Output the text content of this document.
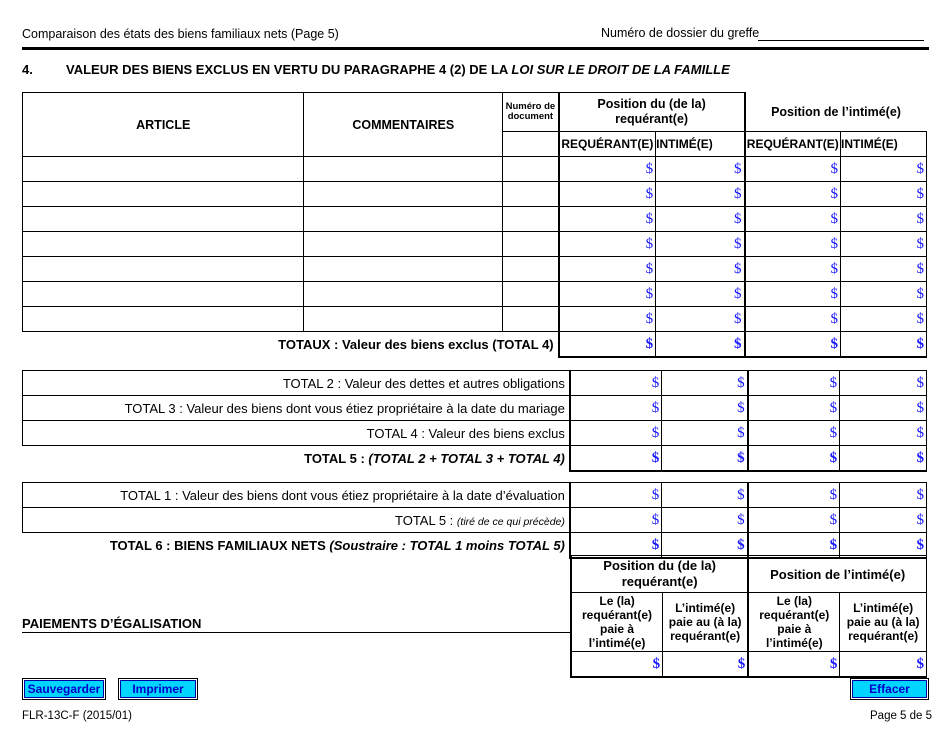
Comparaison des états des biens familiaux nets (Page 5)	Numéro de dossier du greffe
4.	VALEUR DES BIENS EXCLUS EN VERTU DU PARAGRAPHE 4 (2) DE LA LOI SUR LE DROIT DE LA FAMILLE
ARTICLE	COMMENTAIRES	Numéro de document	Position du (de la) requérant(e)		Position de l’intimé(e)	
			REQUÉRANT(E)	INTIMÉ(E)	REQUÉRANT(E)	INTIMÉ(E)
			$	$	$	$
			$	$	$	$
			$	$	$	$
			$	$	$	$
			$	$	$	$
			$	$	$	$
			$	$	$	$
TOTAUX : Valeur des biens exclus (TOTAL 4)			$	$	$	$
TOTAL 2 : Valeur des dettes et autres obligations	$	$	$	$
TOTAL 3 : Valeur des biens dont vous étiez propriétaire à la date du mariage	$	$	$	$
TOTAL 4 : Valeur des biens exclus	$	$	$	$
TOTAL 5 : (TOTAL 2 + TOTAL 3 + TOTAL 4)	$	$	$	$
TOTAL 1 : Valeur des biens dont vous étiez propriétaire à la date d’évaluation	$	$	$	$
TOTAL 5 : (tiré de ce qui précède)	$	$	$	$
TOTAL 6 : BIENS FAMILIAUX NETS (Soustraire : TOTAL 1 moins TOTAL 5)	$	$	$	$
PAIEMENTS D’ÉGALISATION
Position du (de la) requérant(e)		Position de l’intimé(e)	
Le (la) requérant(e) paie à l’intimé(e)	L’intimé(e) paie au (à la) requérant(e)	Le (la) requérant(e) paie à l’intimé(e)	L’intimé(e) paie au (à la) requérant(e)
$	$	$	$
Sauvegarder	Imprimer	Effacer
FLR-13C-F (2015/01)	Page 5 de 5
